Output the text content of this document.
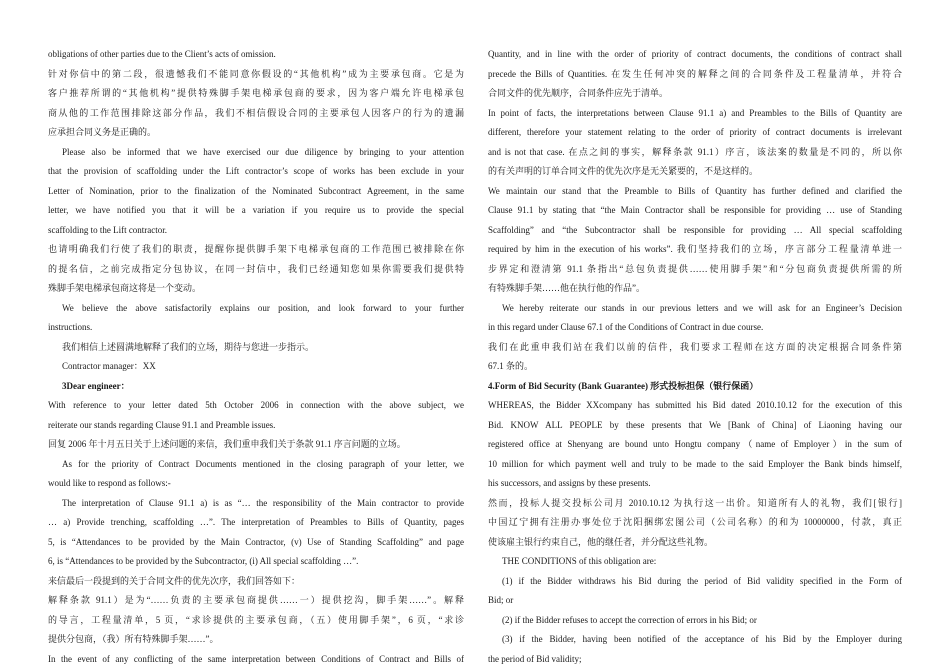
obligations of other parties due to the Client’s acts of omission.
针对你信中的第二段，很遗憾我们不能同意你假设的“其他机构”成为主要承包商。它是为
客户推荐所谓的“其他机构”提供特殊脚手架电梯承包商的要求，因为客户端允许电梯承包
商从他的工作范围排除这部分作品，我们不相信假设合同的主要承包人因客户的行为的遗漏
应承担合同义务是正确的。
Please also be informed that we have exercised our due diligence by bringing to your attention
that the provision of scaffolding under the Lift contractor’s scope of works has been exclude in your
Letter of Nomination, prior to the finalization of the Nominated Subcontract Agreement, in the same
letter, we have notified you that it will be a variation if you require us to provide the special
scaffolding to the Lift contractor.
也请明确我们行使了我们的职责，提醒你提供脚手架下电梯承包商的工作范围已被排除在你
的提名信，之前完成指定分包协议，在同一封信中，我们已经通知您如果你需要我们提供特
殊脚手架电梯承包商这将是一个变动。
We believe the above satisfactorily explains our position, and look forward to your further
instructions.
我们相信上述圆满地解释了我们的立场，期待与您进一步指示。
Contractor manager：XX
3Dear engineer：
With reference to your letter dated 5th October 2006 in connection with the above subject, we
reiterate our stands regarding Clause 91.1 and Preamble issues.
回复 2006 年十月五日关于上述问题的来信，我们重申我们关于条款 91.1 序言问题的立场。
As for the priority of Contract Documents mentioned in the closing paragraph of your letter, we
would like to respond as follows:-
The interpretation of Clause 91.1 a) is as “… the responsibility of the Main contractor to provide
… a) Provide trenching, scaffolding …”. The interpretation of Preambles to Bills of Quantity, pages
5, is “Attendances to be provided by the Main Contractor, (v) Use of Standing Scaffolding” and page
6, is “Attendances to be provided by the Subcontractor, (i) All special scaffolding …”.
来信最后一段提到的关于合同文件的优先次序，我们回答如下：
解释条款 91.1）是为“……负责的主要承包商提供……一）提供挖沟，脚手架……”。解释
的导言，工程量清单，5 页，“求诊提供的主要承包商，（五）使用脚手架”，6 页，“求诊
提供分包商，（我）所有特殊脚手架……”。
In the event of any conflicting of the same interpretation between Conditions of Contract and Bills of
Quantity, and in line with the order of priority of contract documents, the conditions of contract shall
precede the Bills of Quantities. 在发生任何冲突的解释之间的合同条件及工程量清单，并符合
合同文件的优先顺序，合同条件应先于清单。
In point of facts, the interpretations between Clause 91.1 a) and Preambles to the Bills of Quantity are
different, therefore your statement relating to the order of priority of contract documents is irrelevant
and is not that case. 在点之间的事实，解释条款 91.1）序言，该法案的数量是不同的，所以你
的有关声明的订单合同文件的优先次序是无关紧要的，不是这样的。
We maintain our stand that the Preamble to Bills of Quantity has further defined and clarified the
Clause 91.1 by stating that “the Main Contractor shall be responsible for providing … use of Standing
Scaffolding” and “the Subcontractor shall be responsible for providing … All special scaffolding
required by him in the execution of his works”. 我们坚持我们的立场，序言部分工程量清单进一
步界定和澄清第 91.1 条指出“总包负责提供……使用脚手架”和“分包商负责提供所需的所
有特殊脚手架……他在执行他的作品”。
We hereby reiterate our stands in our previous letters and we will ask for an Engineer’s Decision
in this regard under Clause 67.1 of the Conditions of Contract in due course.
我们在此重申我们站在我们以前的信件，我们要求工程师在这方面的决定根据合同条件第
67.1 条的。
4.Form of Bid Security (Bank Guarantee) 形式投标担保（银行保函）
WHEREAS, the Bidder XXcompany has submitted his Bid dated 2010.10.12 for the execution of this
Bid. KNOW ALL PEOPLE by these presents that We [Bank of China] of Liaoning having our
registered office at Shenyang are bound unto Hongtu company（name of Employer）in the sum of
10 million for which payment well and truly to be made to the said Employer the Bank binds himself,
his successors, and assigns by these presents.
然而，投标人提交投标公司月 2010.10.12 为执行这一出价。知道所有人的礼物，我们[银行]
中国辽宁拥有注册办事处位于沈阳捆绑宏图公司（公司名称）的和为 10000000，付款，真正
使该雇主银行约束自己，他的继任者，并分配这些礼物。
THE CONDITIONS of this obligation are:
(1) if the Bidder withdraws his Bid during the period of Bid validity specified in the Form of
Bid; or
(2) if the Bidder refuses to accept the correction of errors in his Bid; or
(3) if the Bidder, having been notified of the acceptance of his Bid by the Employer during
the period of Bid validity;
